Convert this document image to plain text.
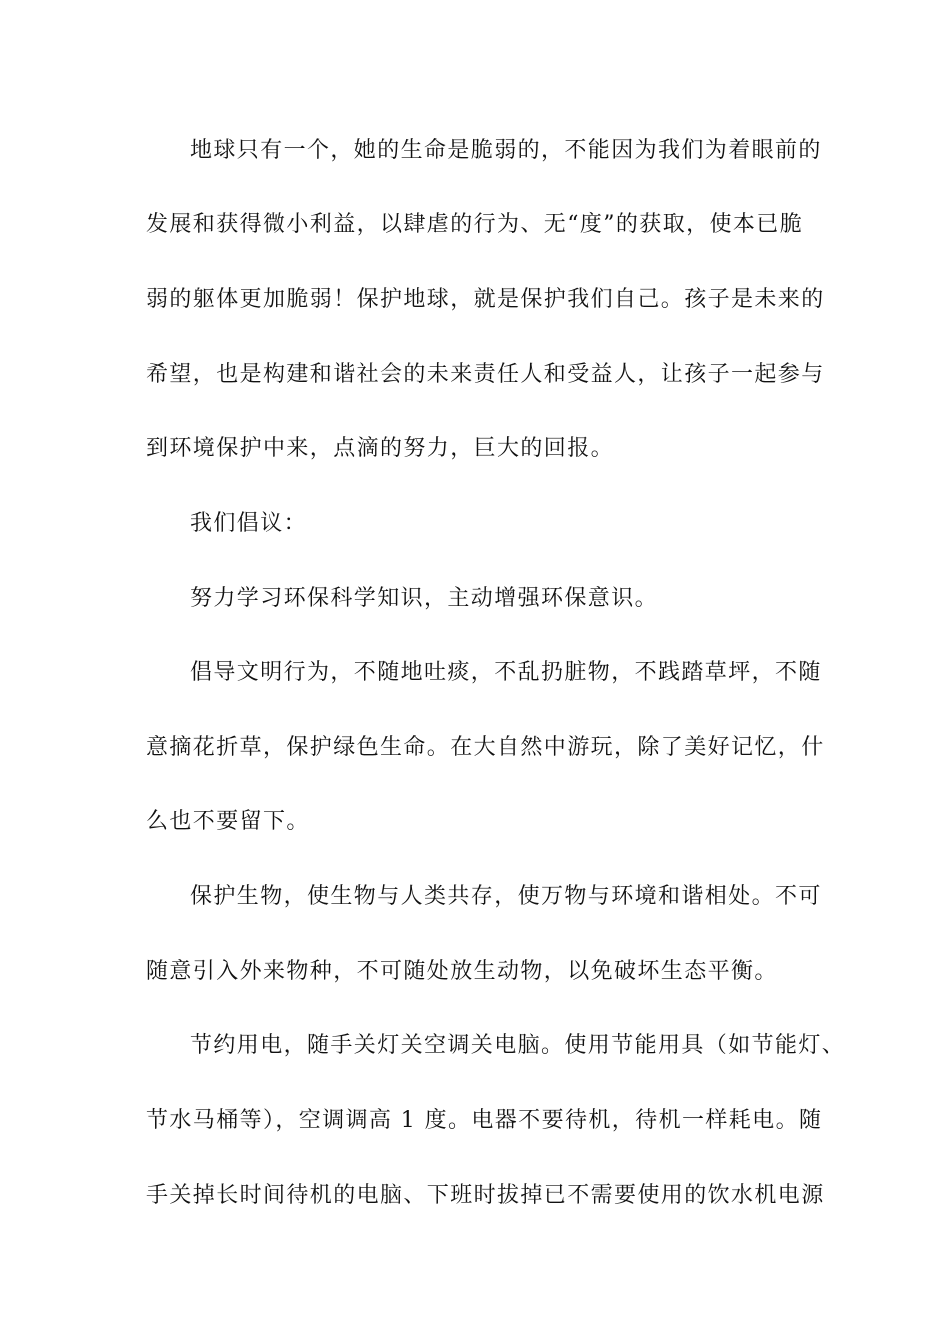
地球只有一个，她的生命是脆弱的，不能因为我们为着眼前的
发展和获得微小利益，以肆虐的行为、无“度”的获取，使本已脆
弱的躯体更加脆弱！保护地球，就是保护我们自己。孩子是未来的
希望，也是构建和谐社会的未来责任人和受益人，让孩子一起参与
到环境保护中来，点滴的努力，巨大的回报。
我们倡议：
努力学习环保科学知识，主动增强环保意识。
倡导文明行为，不随地吐痰，不乱扔脏物，不践踏草坪，不随
意摘花折草，保护绿色生命。在大自然中游玩，除了美好记忆，什
么也不要留下。
保护生物，使生物与人类共存，使万物与环境和谐相处。不可
随意引入外来物种，不可随处放生动物，以免破坏生态平衡。
节约用电，随手关灯关空调关电脑。使用节能用具（如节能灯、
节水马桶等），空调调高 1 度。电器不要待机，待机一样耗电。随
手关掉长时间待机的电脑、下班时拔掉已不需要使用的饮水机电源
